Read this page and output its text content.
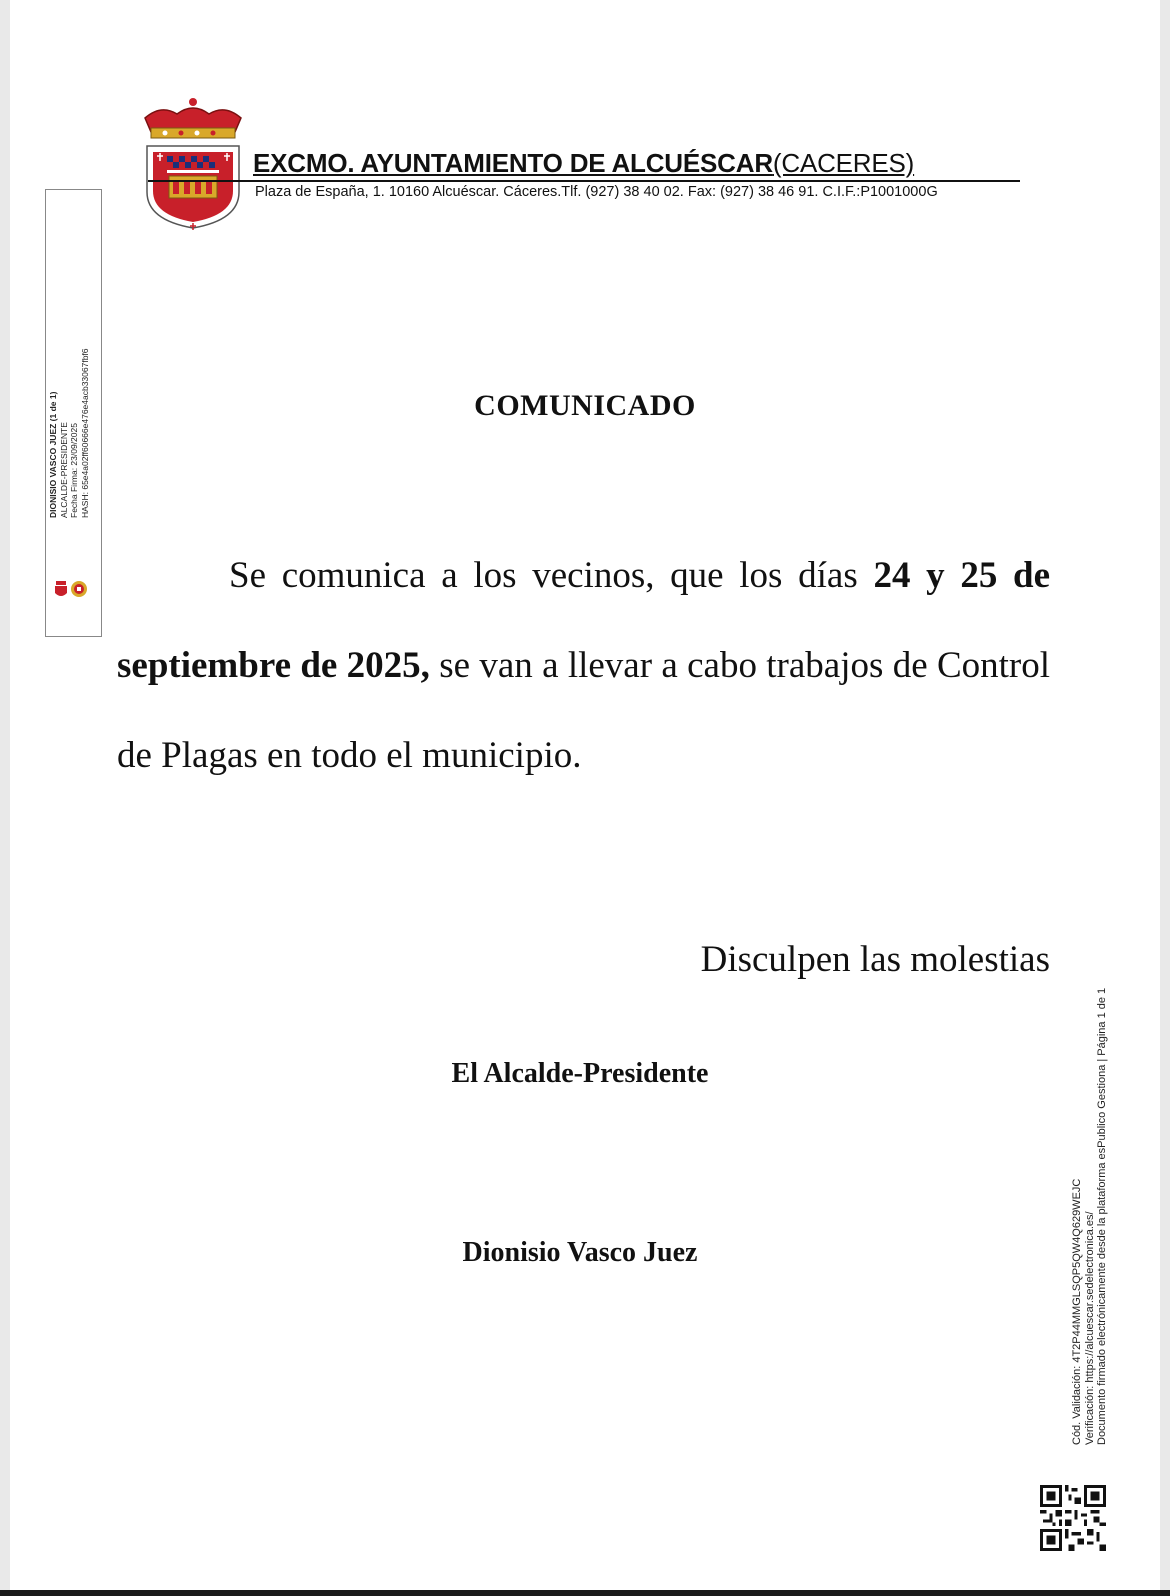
EXCMO. AYUNTAMIENTO DE ALCUÉSCAR(CACERES)
Plaza de España, 1. 10160 Alcuéscar. Cáceres.Tlf. (927) 38 40 02. Fax: (927) 38 46 91. C.I.F.:P1001000G
DIONISIO VASCO JUEZ (1 de 1) ALCALDE-PRESIDENTE Fecha Firma: 23/09/2025 HASH: 65e4a02ff60666e476e4acb33067fbf6	COMUNICADO
Se comunica a los vecinos, que los días 24 y 25 de septiembre de 2025, se van a llevar a cabo trabajos de Control de Plagas en todo el municipio.
Disculpen las molestias
El Alcalde-Presidente
Dionisio Vasco Juez	Cód. Validación: 4T2P44MMGLSQP5QW4Q629WEJC Verificación: https://alcuescar.sedelectronica.es/ Documento firmado electrónicamente desde la plataforma esPublico Gestiona | Página 1 de 1
